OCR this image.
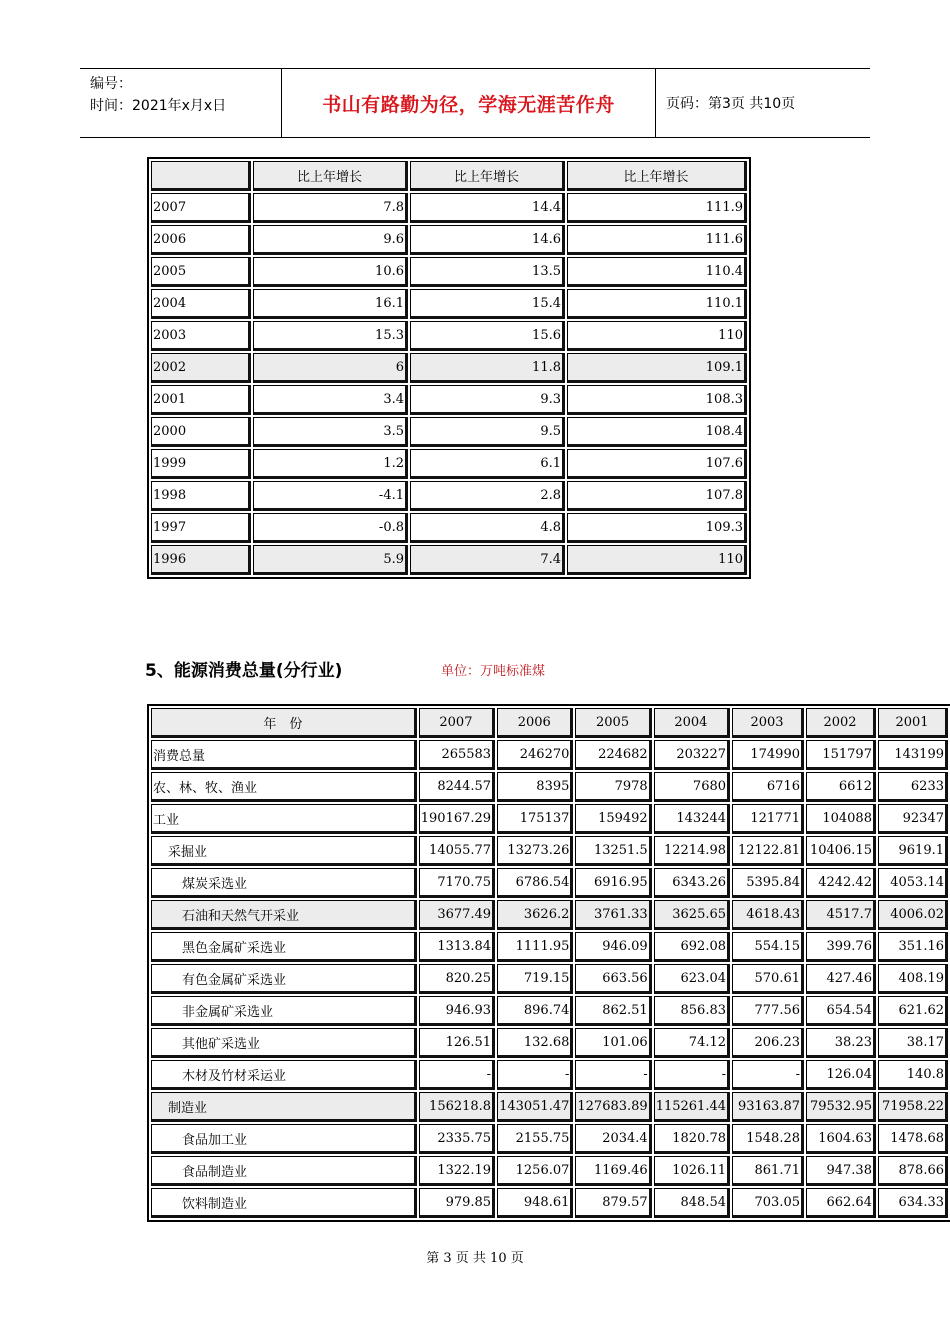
编号：
时间：2021年x月x日	书山有路勤为径，学海无涯苦作舟	页码：第3页 共10页
	比上年增长	比上年增长	比上年增长
2007	7.8	14.4	111.9
2006	9.6	14.6	111.6
2005	10.6	13.5	110.4
2004	16.1	15.4	110.1
2003	15.3	15.6	110
2002	6	11.8	109.1
2001	3.4	9.3	108.3
2000	3.5	9.5	108.4
1999	1.2	6.1	107.6
1998	-4.1	2.8	107.8
1997	-0.8	4.8	109.3
1996	5.9	7.4	110
5、能源消费总量(分行业)	单位：万吨标准煤
年　份	2007	2006	2005	2004	2003	2002	2001
消费总量	265583	246270	224682	203227	174990	151797	143199
农、林、牧、渔业	8244.57	8395	7978	7680	6716	6612	6233
工业	190167.29	175137	159492	143244	121771	104088	92347
采掘业	14055.77	13273.26	13251.5	12214.98	12122.81	10406.15	9619.1
煤炭采选业	7170.75	6786.54	6916.95	6343.26	5395.84	4242.42	4053.14
石油和天然气开采业	3677.49	3626.2	3761.33	3625.65	4618.43	4517.7	4006.02
黑色金属矿采选业	1313.84	1111.95	946.09	692.08	554.15	399.76	351.16
有色金属矿采选业	820.25	719.15	663.56	623.04	570.61	427.46	408.19
非金属矿采选业	946.93	896.74	862.51	856.83	777.56	654.54	621.62
其他矿采选业	126.51	132.68	101.06	74.12	206.23	38.23	38.17
木材及竹材采运业	-	-	-	-	-	126.04	140.8
制造业	156218.8	143051.47	127683.89	115261.44	93163.87	79532.95	71958.22
食品加工业	2335.75	2155.75	2034.4	1820.78	1548.28	1604.63	1478.68
食品制造业	1322.19	1256.07	1169.46	1026.11	861.71	947.38	878.66
饮料制造业	979.85	948.61	879.57	848.54	703.05	662.64	634.33
第 3 页 共 10 页
